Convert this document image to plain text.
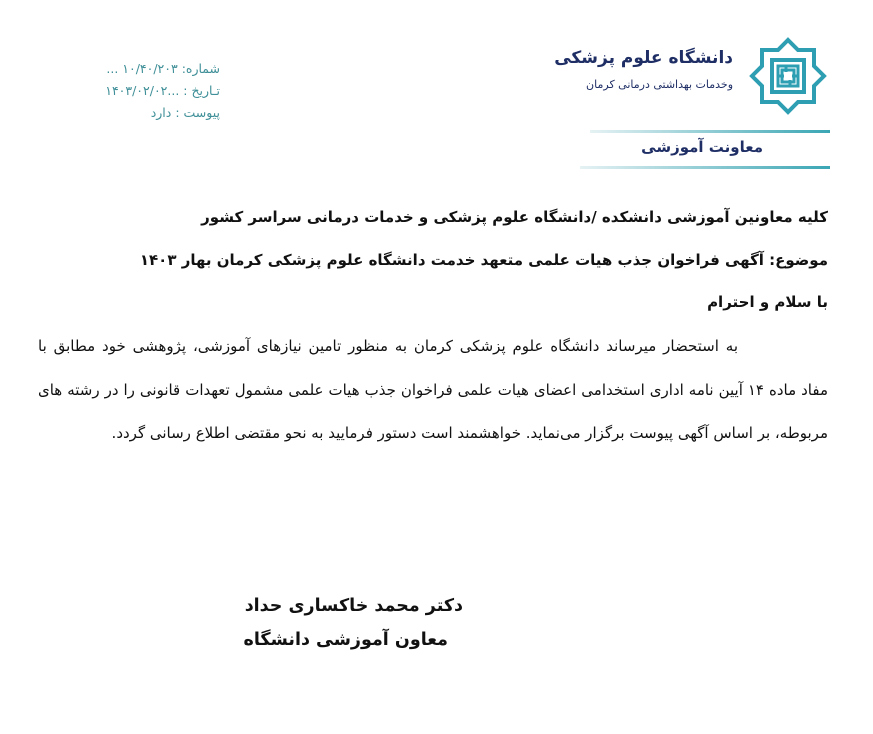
شماره: ۱۰/۴۰/۲۰۳ ...
تـاریخ : ...۱۴۰۳/۰۲/۰۲
پیوست : دارد
دانشگاه علوم پزشکی
وخدمات بهداشتی درمانی کرمان
معاونت آموزشی
کلیه معاونین آموزشی دانشکده /دانشگاه علوم پزشکی و خدمات درمانی سراسر کشور
موضوع: آگهی فراخوان جذب هیات علمی متعهد خدمت دانشگاه علوم پزشکی کرمان بهار ۱۴۰۳
با سلام و احترام

به استحضار میرساند دانشگاه علوم پزشکی کرمان به منظور تامین نیازهای آموزشی، پژوهشی خود مطابق با مفاد ماده ۱۴ آیین نامه اداری استخدامی اعضای هیات علمی فراخوان جذب هیات علمی مشمول تعهدات قانونی را در رشته های مربوطه، بر اساس آگهی پیوست برگزار می‌نماید. خواهشمند است دستور فرمایید به نحو مقتضی اطلاع رسانی گردد.

دکتر محمد خاکساری حداد
معاون آموزشی دانشگاه
